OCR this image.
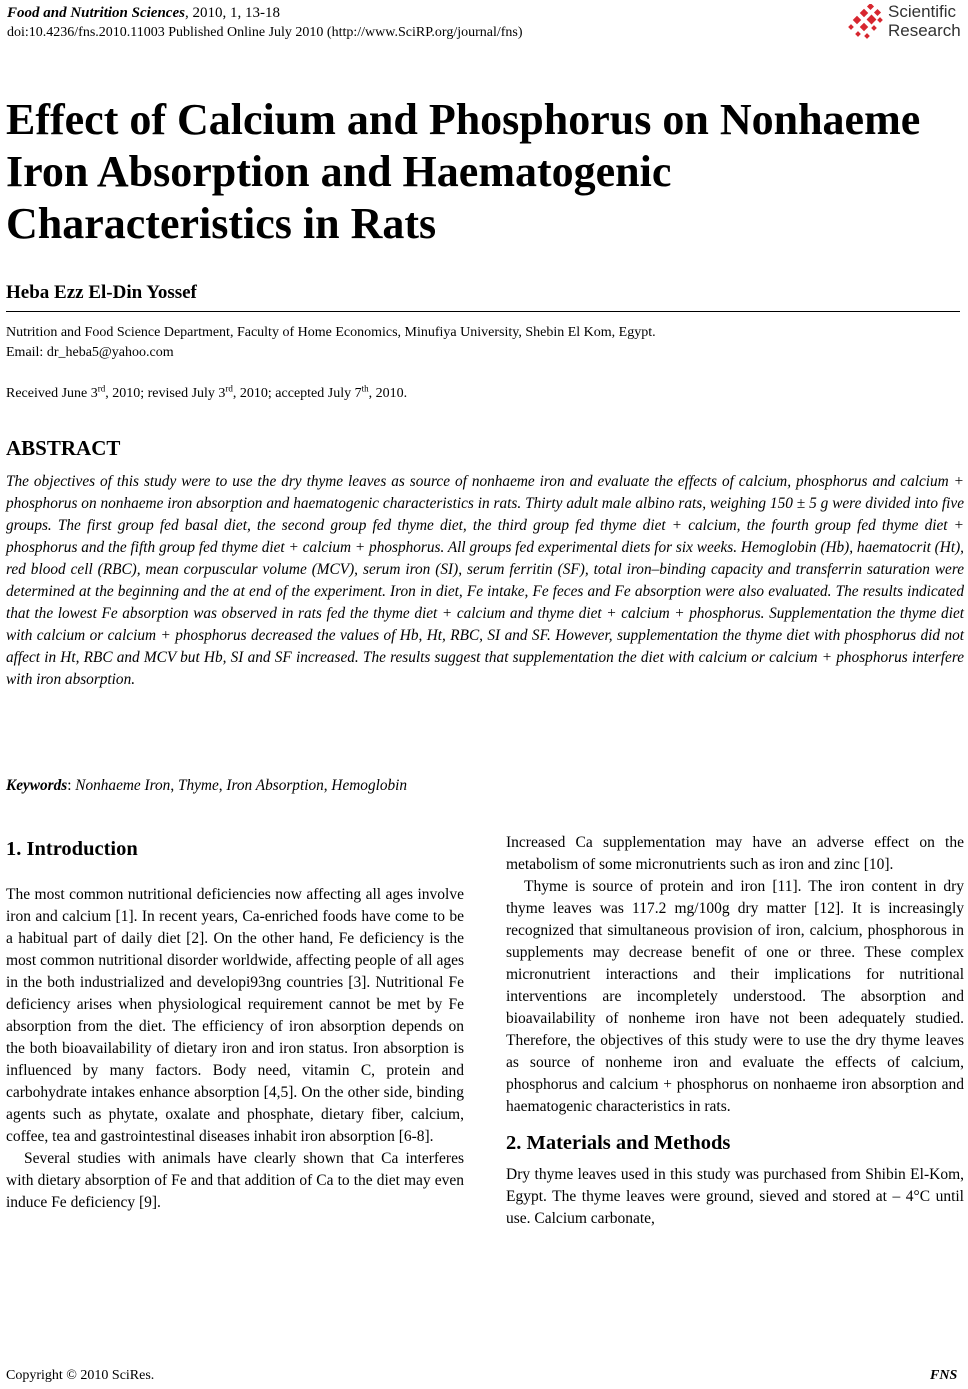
Food and Nutrition Sciences, 2010, 1, 13-18
doi:10.4236/fns.2010.11003 Published Online July 2010 (http://www.SciRP.org/journal/fns)
Scientific
Research
Effect of Calcium and Phosphorus on Nonhaeme Iron Absorption and Haematogenic Characteristics in Rats
Heba Ezz El-Din Yossef
Nutrition and Food Science Department, Faculty of Home Economics, Minufiya University, Shebin El Kom, Egypt.
Email: dr_heba5@yahoo.com
Received June 3rd, 2010; revised July 3rd, 2010; accepted July 7th, 2010.
ABSTRACT

The objectives of this study were to use the dry thyme leaves as source of nonhaeme iron and evaluate the effects of calcium, phosphorus and calcium + phosphorus on nonhaeme iron absorption and haematogenic characteristics in rats. Thirty adult male albino rats, weighing 150 ± 5 g were divided into five groups. The first group fed basal diet, the second group fed thyme diet, the third group fed thyme diet + calcium, the fourth group fed thyme diet + phosphorus and the fifth group fed thyme diet + calcium + phosphorus. All groups fed experimental diets for six weeks. Hemoglobin (Hb), haematocrit (Ht), red blood cell (RBC), mean corpuscular volume (MCV), serum iron (SI), serum ferritin (SF), total iron–binding capacity and transferrin saturation were determined at the beginning and the at end of the experiment. Iron in diet, Fe intake, Fe feces and Fe absorption were also evaluated. The results indicated that the lowest Fe absorption was observed in rats fed the thyme diet + calcium and thyme diet + calcium + phosphorus. Supplementation the thyme diet with calcium or calcium + phosphorus decreased the values of Hb, Ht, RBC, SI and SF. However, supplementation the thyme diet with phosphorus did not affect in Ht, RBC and MCV but Hb, SI and SF increased. The results suggest that supplementation the diet with calcium or calcium + phosphorus interfere with iron absorption.

Keywords: Nonhaeme Iron, Thyme, Iron Absorption, Hemoglobin
1. Introduction

The most common nutritional deficiencies now affecting all ages involve iron and calcium [1]. In recent years, Ca-enriched foods have come to be a habitual part of daily diet [2]. On the other hand, Fe deficiency is the most common nutritional disorder worldwide, affecting people of all ages in the both industrialized and developi93ng countries [3]. Nutritional Fe deficiency arises when physiological requirement cannot be met by Fe absorption from the diet. The efficiency of iron absorption depends on the both bioavailability of dietary iron and iron status. Iron absorption is influenced by many factors. Body need, vitamin C, protein and carbohydrate intakes enhance absorption [4,5]. On the other side, binding agents such as phytate, oxalate and phosphate, dietary fiber, calcium, coffee, tea and gastrointestinal diseases inhabit iron absorption [6-8].

Several studies with animals have clearly shown that Ca interferes with dietary absorption of Fe and that addition of Ca to the diet may even induce Fe deficiency [9].

Increased Ca supplementation may have an adverse effect on the metabolism of some micronutrients such as iron and zinc [10].

Thyme is source of protein and iron [11]. The iron content in dry thyme leaves was 117.2 mg/100g dry matter [12]. It is increasingly recognized that simultaneous provision of iron, calcium, phosphorous in supplements may decrease benefit of one or three. These complex micronutrient interactions and their implications for nutritional interventions are incompletely understood. The absorption and bioavailability of nonheme iron have not been adequately studied. Therefore, the objectives of this study were to use the dry thyme leaves as source of nonheme iron and evaluate the effects of calcium, phosphorus and calcium + phosphorus on nonhaeme iron absorption and haematogenic characteristics in rats.

2. Materials and Methods

Dry thyme leaves used in this study was purchased from Shibin El-Kom, Egypt. The thyme leaves were ground, sieved and stored at – 4°C until use. Calcium carbonate,

Copyright © 2010 SciRes.	FNS
